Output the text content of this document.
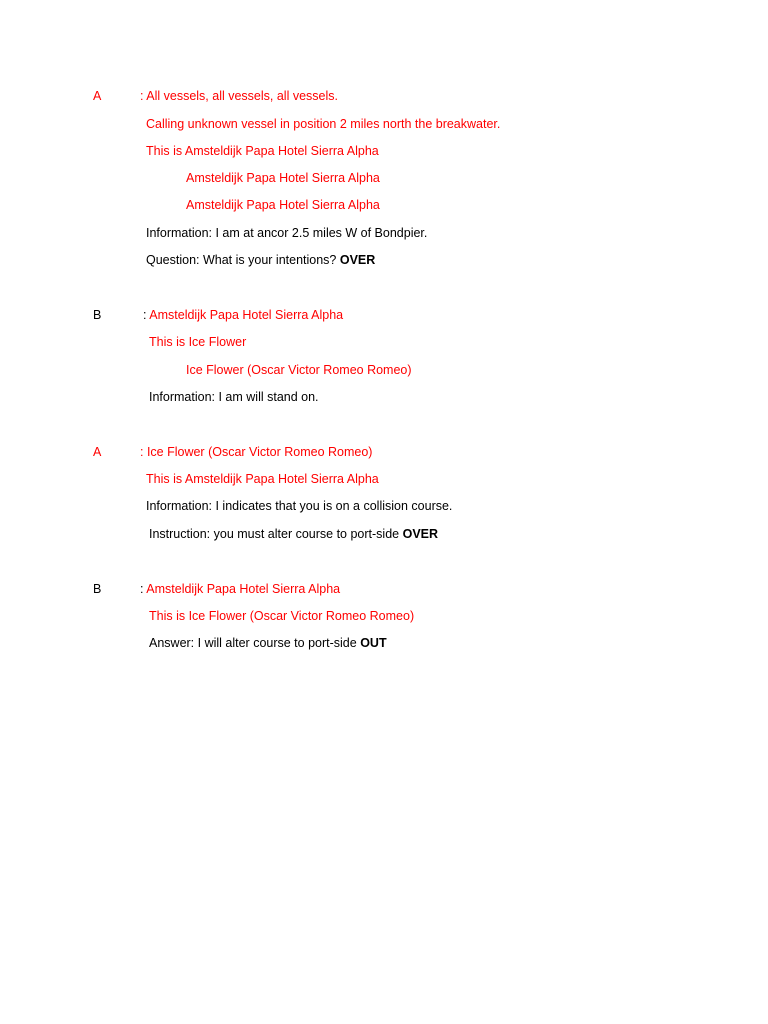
A	: All vessels, all vessels, all vessels.
Calling unknown vessel in position 2 miles north the breakwater.
This is Amsteldijk Papa Hotel Sierra Alpha
Amsteldijk Papa Hotel Sierra Alpha
Amsteldijk Papa Hotel Sierra Alpha
Information: I am at ancor 2.5 miles W of Bondpier.
Question: What is your intentions? OVER
B	: Amsteldijk Papa Hotel Sierra Alpha
This is Ice Flower
Ice Flower (Oscar Victor Romeo Romeo)
Information: I am will stand on.
A	: Ice Flower (Oscar Victor Romeo Romeo)
This is Amsteldijk Papa Hotel Sierra Alpha
Information: I indicates that you is on a collision course.
Instruction: you must alter course to port-side OVER
B	: Amsteldijk Papa Hotel Sierra Alpha
This is Ice Flower (Oscar Victor Romeo Romeo)
Answer: I will alter course to port-side OUT
